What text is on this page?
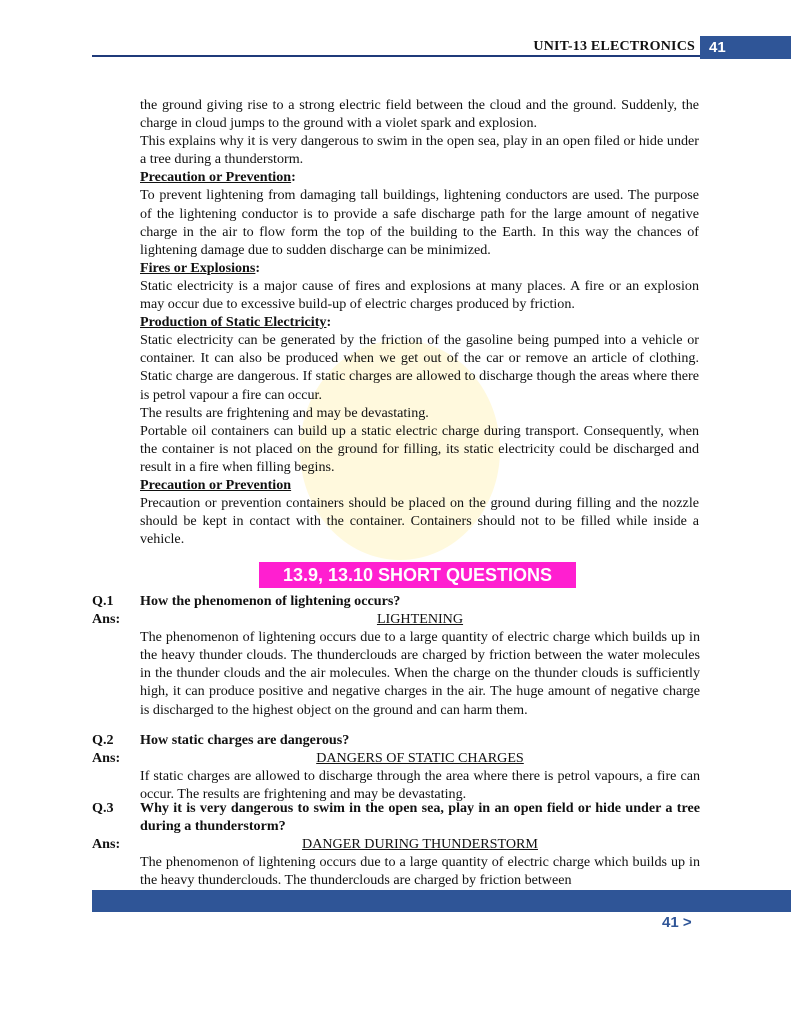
UNIT-13 ELECTRONICS 41

the ground giving rise to a strong electric field between the cloud and the ground. Suddenly, the charge in cloud jumps to the ground with a violet spark and explosion.

This explains why it is very dangerous to swim in the open sea, play in an open filed or hide under a tree during a thunderstorm.

Precaution or Prevention:

To prevent lightening from damaging tall buildings, lightening conductors are used. The purpose of the lightening conductor is to provide a safe discharge path for the large amount of negative charge in the air to flow form the top of the building to the Earth. In this way the chances of lightening damage due to sudden discharge can be minimized.

Fires or Explosions:

Static electricity is a major cause of fires and explosions at many places. A fire or an explosion may occur due to excessive build-up of electric charges produced by friction.

Production of Static Electricity:

Static electricity can be generated by the friction of the gasoline being pumped into a vehicle or container. It can also be produced when we get out of the car or remove an article of clothing. Static charge are dangerous. If static charges are allowed to discharge though the areas where there is petrol vapour a fire can occur.

The results are frightening and may be devastating.

Portable oil containers can build up a static electric charge during transport. Consequently, when the container is not placed on the ground for filling, its static electricity could be discharged and result in a fire when filling begins.

Precaution or Prevention

Precaution or prevention containers should be placed on the ground during filling and the nozzle should be kept in contact with the container. Containers should not to be filled while inside a vehicle.

13.9, 13.10 SHORT QUESTIONS
Q.1 How the phenomenon of lightening occurs?
Ans:	LIGHTENING
The phenomenon of lightening occurs due to a large quantity of electric charge which builds up in the heavy thunder clouds. The thunderclouds are charged by friction between the water molecules in the thunder clouds and the air molecules. When the charge on the thunder clouds is sufficiently high, it can produce positive and negative charges in the air. The huge amount of negative charge is discharged to the highest object on the ground and can harm them.
Q.2 How static charges are dangerous?
Ans:	DANGERS OF STATIC CHARGES
If static charges are allowed to discharge through the area where there is petrol vapours, a fire can occur. The results are frightening and may be devastating.
Q.3 Why it is very dangerous to swim in the open sea, play in an open field or hide under a tree during a thunderstorm?
Ans:	DANGER DURING THUNDERSTORM
The phenomenon of lightening occurs due to a large quantity of electric charge which builds up in the heavy thunderclouds. The thunderclouds are charged by friction between
41 >
